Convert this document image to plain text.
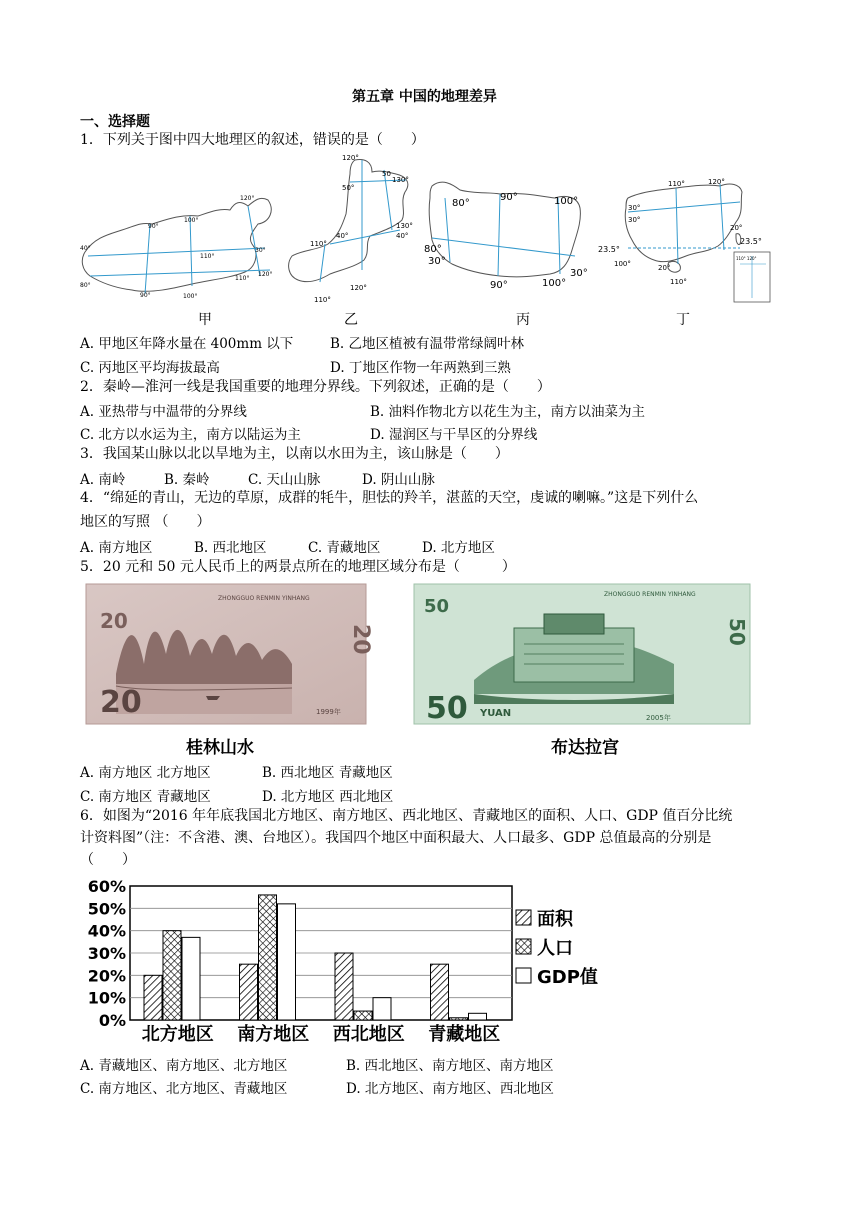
第五章 中国的地理差异
一、选择题
1．下列关于图中四大地理区的叙述，错误的是（　　）
40°
80°
90°	100°
110°
110°
120°
120°
90°
100°
30°
120°
50°
50
130°
40°
130°
40°
110°
120°
110°
80°
90°	100°
80°
30°
90°	100°
30°
110°	120°
30°
30°
20°
23.5°
23.5°
100°	20°
110°
110° 120°
甲	乙	丙	丁
A. 甲地区年降水量在 400mm 以下	B. 乙地区植被有温带常绿阔叶林
C. 丙地区平均海拔最高	D. 丁地区作物一年两熟到三熟
2．秦岭—淮河一线是我国重要的地理分界线。下列叙述，正确的是（　　）
A. 亚热带与中温带的分界线	B. 油料作物北方以花生为主，南方以油菜为主
C. 北方以水运为主，南方以陆运为主	D. 湿润区与干旱区的分界线
3．我国某山脉以北以旱地为主，以南以水田为主，该山脉是（　　）
A. 南岭	B. 秦岭	C. 天山山脉	D. 阴山山脉
4．“绵延的青山，无边的草原，成群的牦牛，胆怯的羚羊，湛蓝的天空，虔诚的喇嘛。”这是下列什么
地区的写照 （　　）
A. 南方地区	B. 西北地区	C. 青藏地区	D. 北方地区
5．20 元和 50 元人民币上的两景点所在的地理区域分布是（　　　）
20
ZHONGGUO RENMIN YINHANG
20	1999年
20
桂林山水
50
ZHONGGUO RENMIN YINHANG
50 YUAN	2005年
50
布达拉宫
A. 南方地区 北方地区	B. 西北地区 青藏地区
C. 南方地区 青藏地区	D. 北方地区 西北地区
6．如图为“2016 年年底我国北方地区、南方地区、西北地区、青藏地区的面积、人口、GDP 值百分比统
计资料图”（注：不含港、澳、台地区）。我国四个地区中面积最大、人口最多、GDP 总值最高的分别是
（　　）
0%
10%
20%
30%
40%
50%
60%
北方地区 南方地区 西北地区 青藏地区
面积
人口
GDP值
A. 青藏地区、南方地区、北方地区	B. 西北地区、南方地区、南方地区
C. 南方地区、北方地区、青藏地区	D. 北方地区、南方地区、西北地区
